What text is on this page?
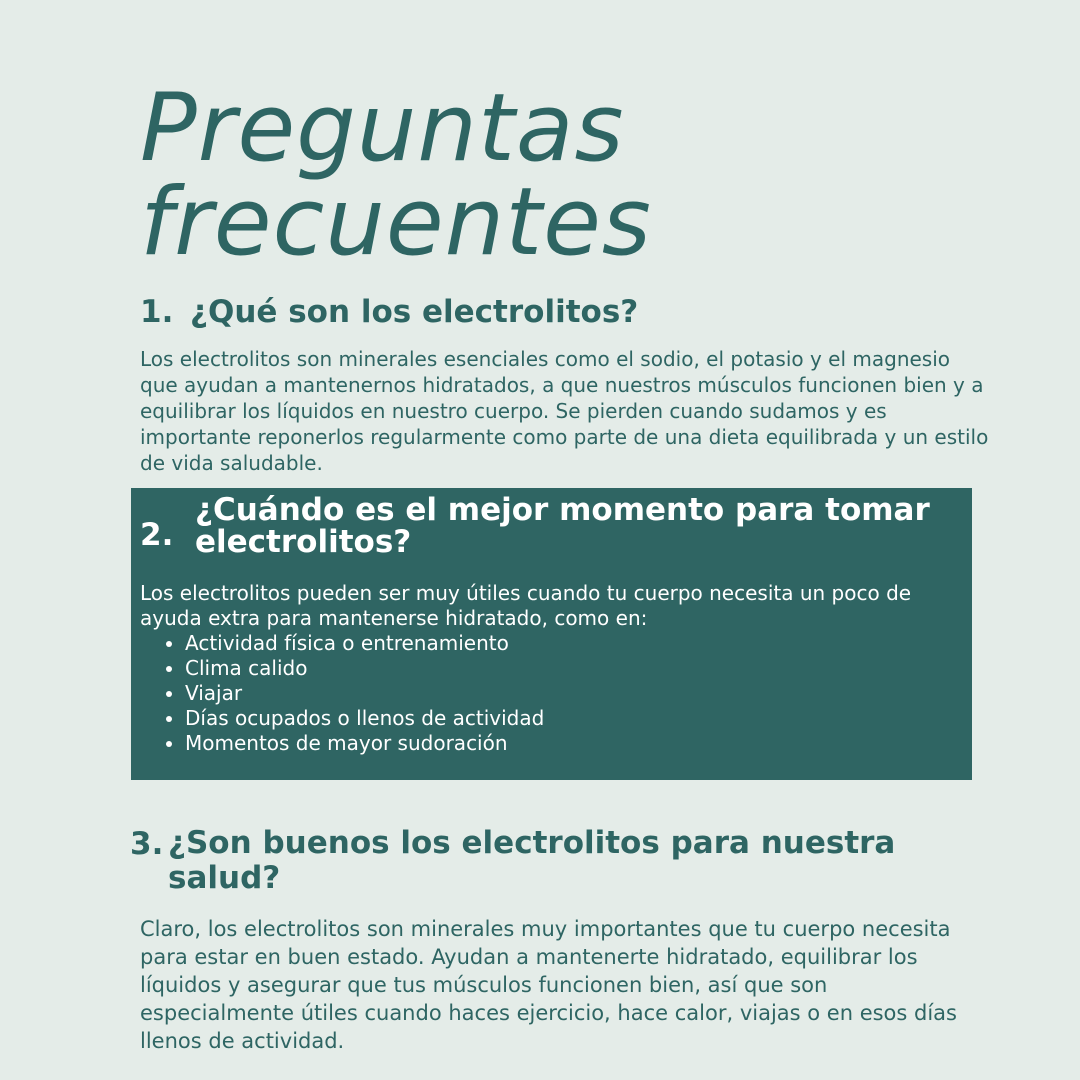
Preguntas
frecuentes
1. ¿Qué son los electrolitos?
Los electrolitos son minerales esenciales como el sodio, el potasio y el magnesio que ayudan a mantenernos hidratados, a que nuestros músculos funcionen bien y a equilibrar los líquidos en nuestro cuerpo. Se pierden cuando sudamos y es importante reponerlos regularmente como parte de una dieta equilibrada y un estilo de vida saludable.
2.
¿Cuándo es el mejor momento para tomar electrolitos?
Los electrolitos pueden ser muy útiles cuando tu cuerpo necesita un poco de ayuda extra para mantenerse hidratado, como en:
• Actividad física o entrenamiento
• Clima calido
• Viajar
• Días ocupados o llenos de actividad
• Momentos de mayor sudoración
3. ¿Son buenos los electrolitos para nuestra salud?
Claro, los electrolitos son minerales muy importantes que tu cuerpo necesita para estar en buen estado. Ayudan a mantenerte hidratado, equilibrar los líquidos y asegurar que tus músculos funcionen bien, así que son especialmente útiles cuando haces ejercicio, hace calor, viajas o en esos días llenos de actividad.
